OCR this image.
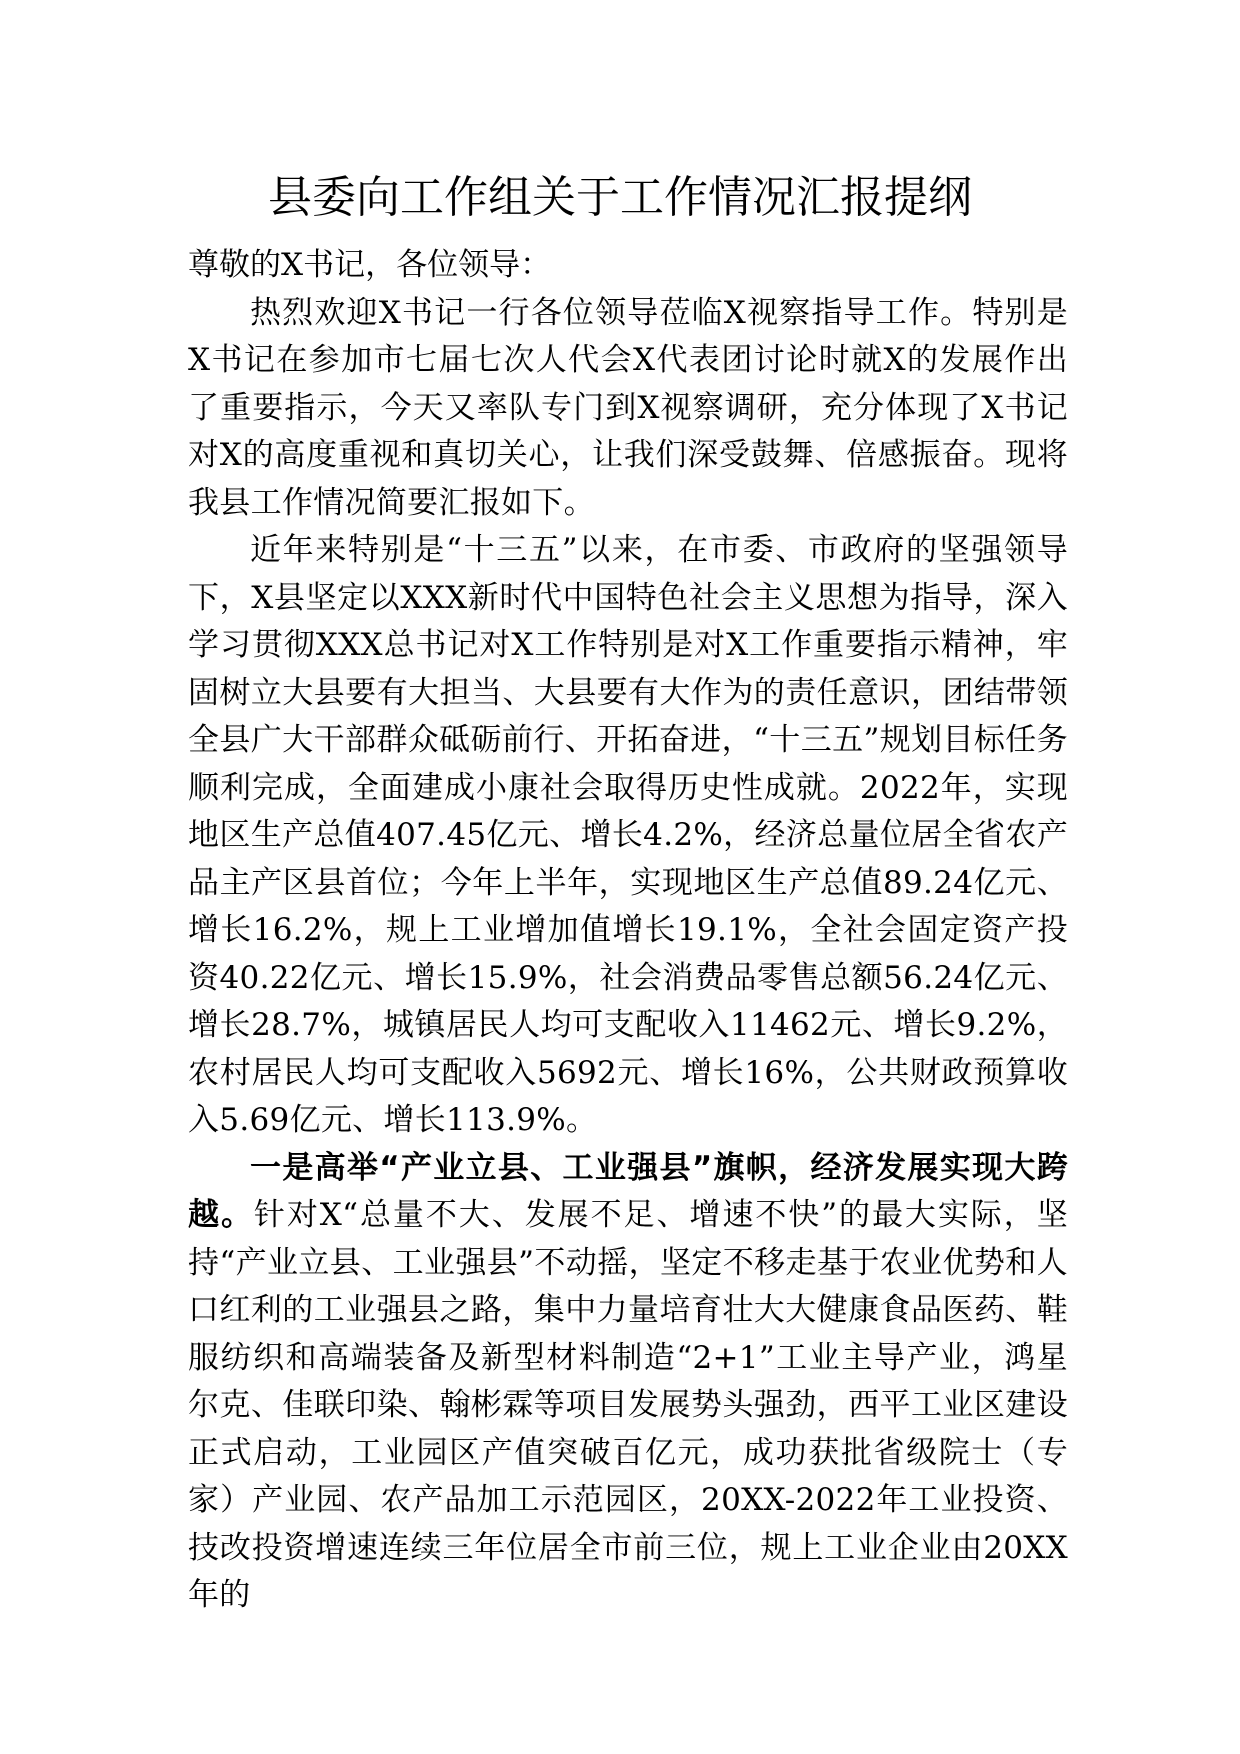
县委向工作组关于工作情况汇报提纲

尊敬的X书记，各位领导：

热烈欢迎X书记一行各位领导莅临X视察指导工作。特别是X书记在参加市七届七次人代会X代表团讨论时就X的发展作出了重要指示，今天又率队专门到X视察调研，充分体现了X书记对X的高度重视和真切关心，让我们深受鼓舞、倍感振奋。现将我县工作情况简要汇报如下。

近年来特别是“十三五”以来，在市委、市政府的坚强领导下，X县坚定以XXX新时代中国特色社会主义思想为指导，深入学习贯彻XXX总书记对X工作特别是对X工作重要指示精神，牢固树立大县要有大担当、大县要有大作为的责任意识，团结带领全县广大干部群众砥砺前行、开拓奋进，“十三五”规划目标任务顺利完成，全面建成小康社会取得历史性成就。2022年，实现地区生产总值407.45亿元、增长4.2%，经济总量位居全省农产品主产区县首位；今年上半年，实现地区生产总值89.24亿元、增长16.2%，规上工业增加值增长19.1%，全社会固定资产投资40.22亿元、增长15.9%，社会消费品零售总额56.24亿元、增长28.7%，城镇居民人均可支配收入11462元、增长9.2%，农村居民人均可支配收入5692元、增长16%，公共财政预算收入5.69亿元、增长113.9%。

一是高举“产业立县、工业强县”旗帜，经济发展实现大跨越。针对X“总量不大、发展不足、增速不快”的最大实际，坚持“产业立县、工业强县”不动摇，坚定不移走基于农业优势和人口红利的工业强县之路，集中力量培育壮大大健康食品医药、鞋服纺织和高端装备及新型材料制造“2+1”工业主导产业，鸿星尔克、佳联印染、翰彬霖等项目发展势头强劲，西平工业区建设正式启动，工业园区产值突破百亿元，成功获批省级院士（专家）产业园、农产品加工示范园区，20XX-2022年工业投资、技改投资增速连续三年位居全市前三位，规上工业企业由20XX年的
